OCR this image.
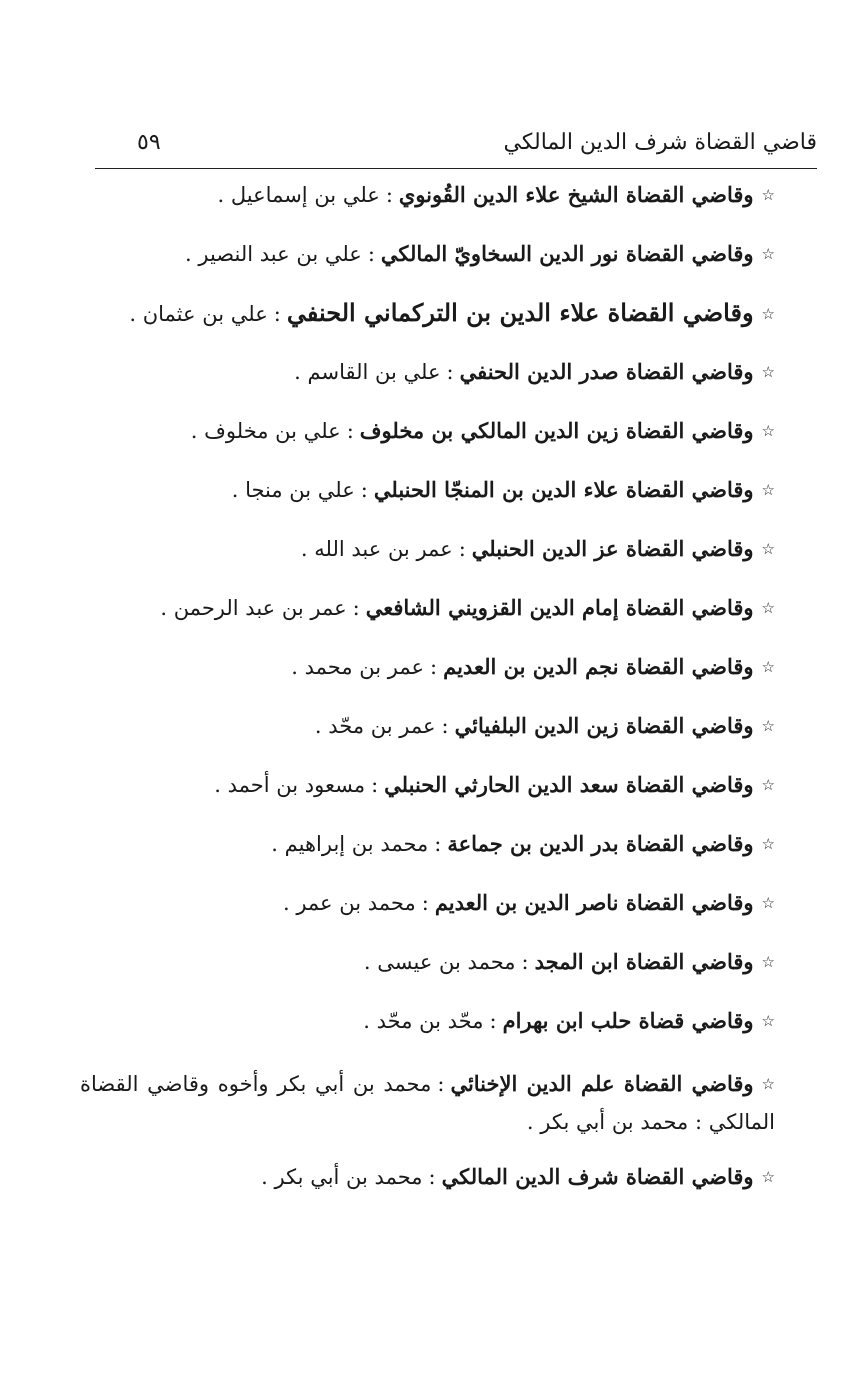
قاضي القضاة شرف الدين المالكي
٥٩
☆وقاضي القضاة الشيخ علاء الدين القُونوي:علي بن إسماعيل .
☆وقاضي القضاة نور الدين السخاويّ المالكي:علي بن عبد النصير .
☆وقاضي القضاة علاء الدين بن التركماني الحنفي:علي بن عثمان .
☆وقاضي القضاة صدر الدين الحنفي:علي بن القاسم .
☆وقاضي القضاة زين الدين المالكي بن مخلوف:علي بن مخلوف .
☆وقاضي القضاة علاء الدين بن المنجّا الحنبلي:علي بن منجا .
☆وقاضي القضاة عز الدين الحنبلي:عمر بن عبد الله .
☆وقاضي القضاة إمام الدين القزويني الشافعي:عمر بن عبد الرحمن .
☆وقاضي القضاة نجم الدين بن العديم:عمر بن محمد .
☆وقاضي القضاة زين الدين البلفيائي:عمر بن محّد .
☆وقاضي القضاة سعد الدين الحارثي الحنبلي:مسعود بن أحمد .
☆وقاضي القضاة بدر الدين بن جماعة:محمد بن إبراهيم .
☆وقاضي القضاة ناصر الدين بن العديم:محمد بن عمر .
☆وقاضي القضاة ابن المجد:محمد بن عيسى .
☆وقاضي قضاة حلب ابن بهرام:محّد بن محّد .
☆وقاضي القضاة علم الدين الإخنائي:محمد بن أبي بكر وأخوه وقاضي القضاة المالكي : محمد بن أبي بكر .
☆وقاضي القضاة شرف الدين المالكي:محمد بن أبي بكر .
